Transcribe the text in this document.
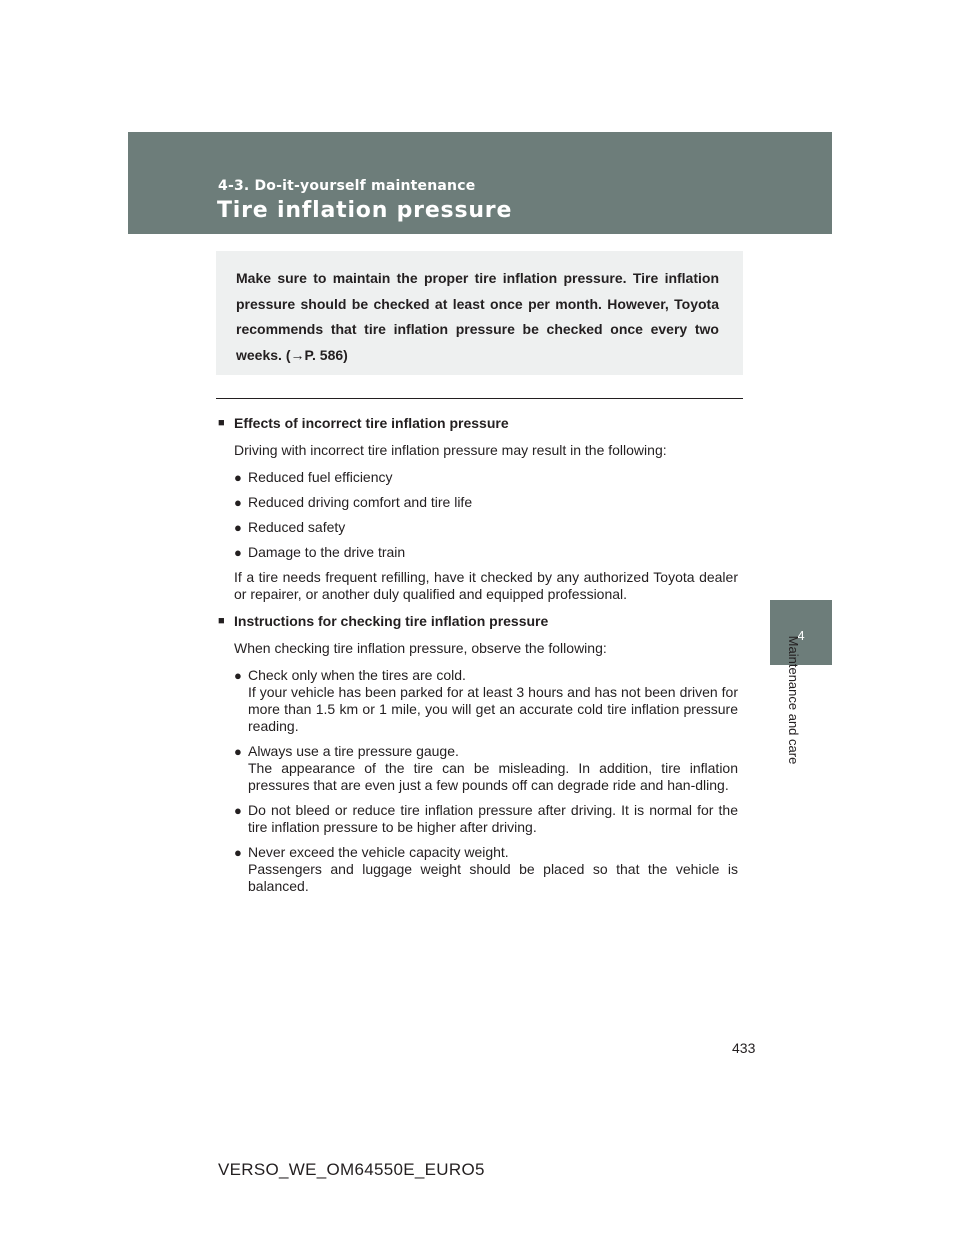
4-3. Do-it-yourself maintenance
Tire inflation pressure
4
Maintenance and care

Make sure to maintain the proper tire inflation pressure. Tire inflation pressure should be checked at least once per month. However, Toyota recommends that tire inflation pressure be checked once every two weeks. (→P. 586)

■ Effects of incorrect tire inflation pressure

Driving with incorrect tire inflation pressure may result in the following:

● Reduced fuel efficiency
● Reduced driving comfort and tire life
● Reduced safety
● Damage to the drive train

If a tire needs frequent refilling, have it checked by any authorized Toyota dealer or repairer, or another duly qualified and equipped professional.

■ Instructions for checking tire inflation pressure

When checking tire inflation pressure, observe the following:

● Check only when the tires are cold.
If your vehicle has been parked for at least 3 hours and has not been driven for more than 1.5 km or 1 mile, you will get an accurate cold tire inflation pressure reading.
● Always use a tire pressure gauge.
The appearance of the tire can be misleading. In addition, tire inflation pressures that are even just a few pounds off can degrade ride and han-dling.
● Do not bleed or reduce tire inflation pressure after driving. It is normal for the tire inflation pressure to be higher after driving.
● Never exceed the vehicle capacity weight.
Passengers and luggage weight should be placed so that the vehicle is balanced.
433
VERSO_WE_OM64550E_EURO5
